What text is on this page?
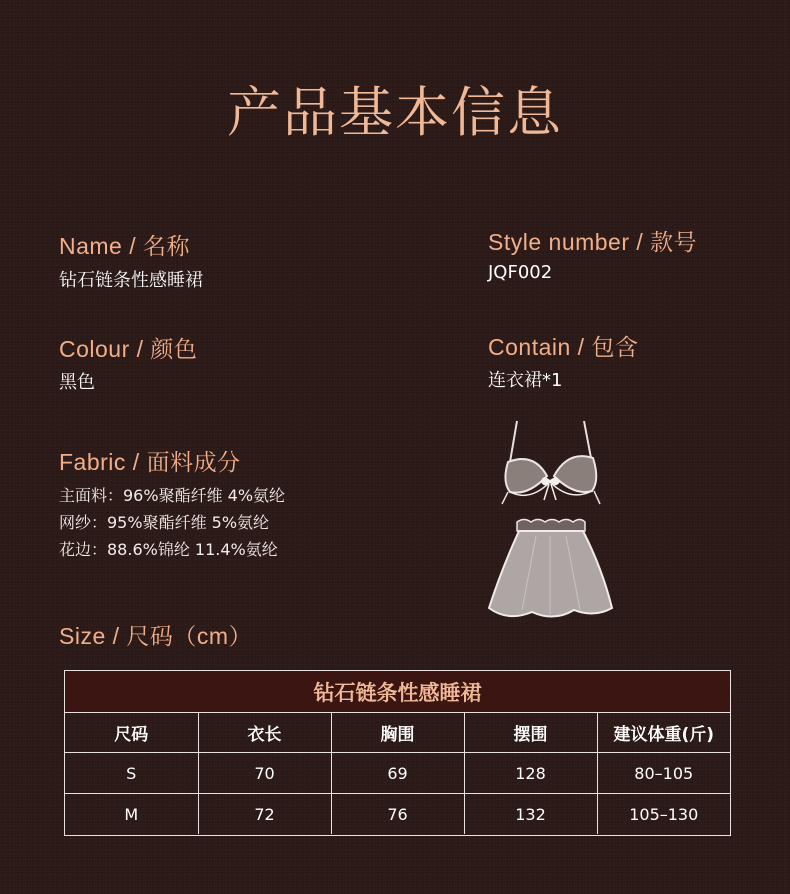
产品基本信息
Name / 名称
钻石链条性感睡裙
Style number / 款号
JQF002
Colour / 颜色
黑色
Contain / 包含
连衣裙*1
Fabric / 面料成分
主面料：96%聚酯纤维 4%氨纶
网纱：95%聚酯纤维 5%氨纶
花边：88.6%锦纶 11.4%氨纶
Size / 尺码（cm）
钻石链条性感睡裙
尺码	衣长	胸围	摆围	建议体重(斤)
S	70	69	128	80–105
M	72	76	132	105–130
